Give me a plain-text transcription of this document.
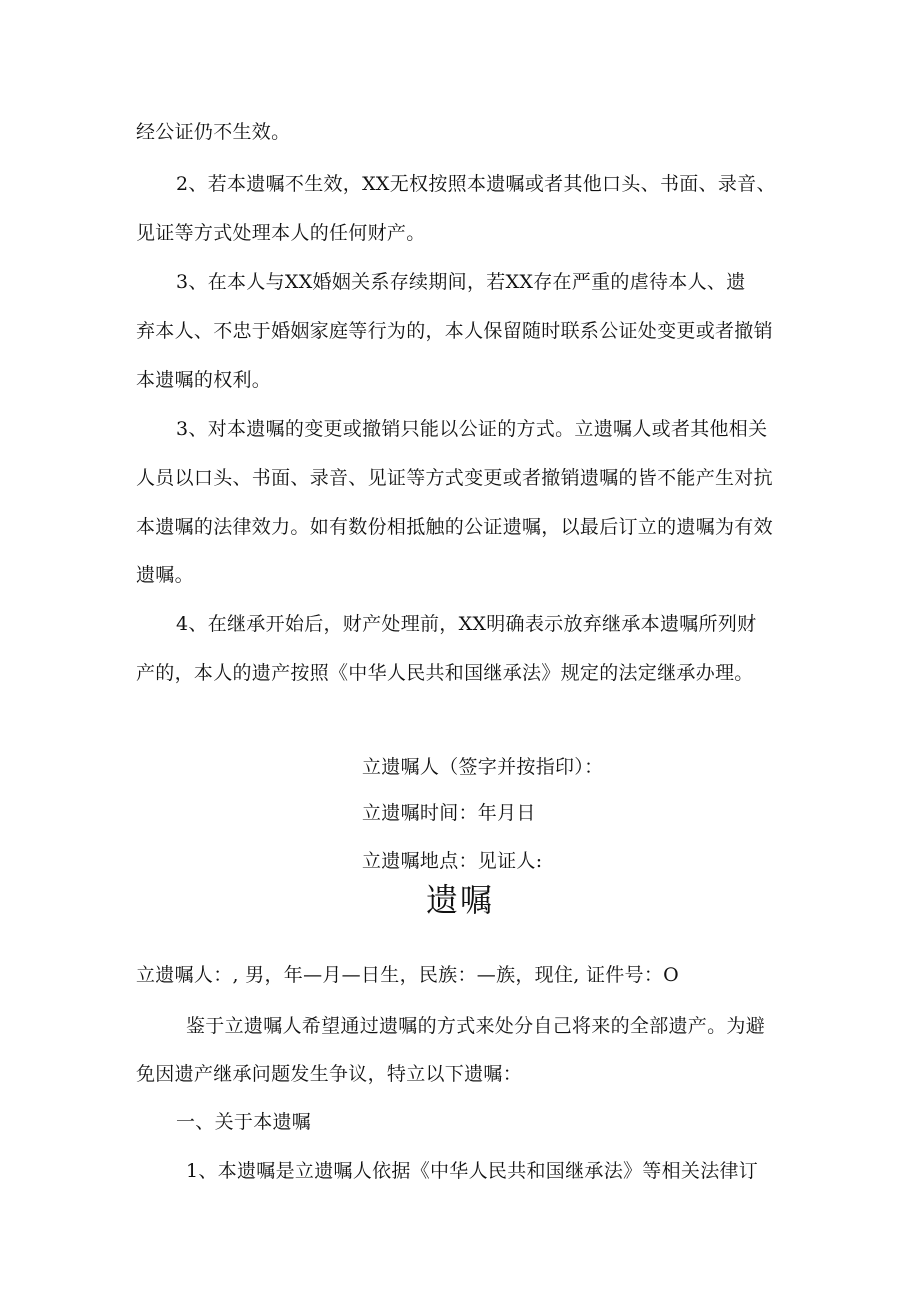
经公证仍不生效。
2、若本遗嘱不生效，XX无权按照本遗嘱或者其他口头、书面、录音、
见证等方式处理本人的任何财产。
3、在本人与XX婚姻关系存续期间，若XX存在严重的虐待本人、遗
弃本人、不忠于婚姻家庭等行为的，本人保留随时联系公证处变更或者撤销
本遗嘱的权利。
3、对本遗嘱的变更或撤销只能以公证的方式。立遗嘱人或者其他相关
人员以口头、书面、录音、见证等方式变更或者撤销遗嘱的皆不能产生对抗
本遗嘱的法律效力。如有数份相抵触的公证遗嘱，以最后订立的遗嘱为有效
遗嘱。
4、在继承开始后，财产处理前，XX明确表示放弃继承本遗嘱所列财
产的，本人的遗产按照《中华人民共和国继承法》规定的法定继承办理。
立遗嘱人（签字并按指印）：
立遗嘱时间：年月日
立遗嘱地点：见证人:
遗嘱
立遗嘱人：, 男，年—月—日生，民族：—族，现住, 证件号：O
鉴于立遗嘱人希望通过遗嘱的方式来处分自己将来的全部遗产。为避
免因遗产继承问题发生争议，特立以下遗嘱：
一、关于本遗嘱
1、本遗嘱是立遗嘱人依据《中华人民共和国继承法》等相关法律订
